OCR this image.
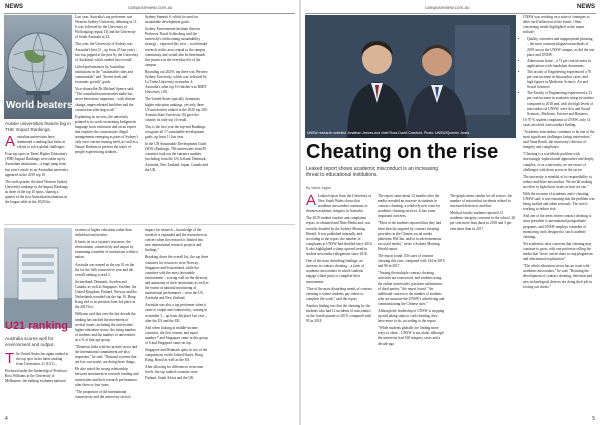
NEWS	campusreview.com.au
World beaters
Aussie universities feature big in THE Impact Rankings.

Australian universities have dominated a ranking that looks at efforts to solve global challenges.

Four top spots in Times Higher Education's (THE) Impact Rankings were taken up by Australian institutions – a huge jump from last year's result, as no Australian university appeared in the 2019 top 10.

The sixth quarter, the third Western Sydney University rankings in the Impact Rankings as three of the top 10 spots, sharing a quartet of the first Australian institutions in the league table in the 2020 list.

Last year, Australia's top performer was Western Sydney University, debuting at 11. It was followed by the University of Wollongong (equal 13) and the University of South Australia at 22.

This year, the University of Sydney was Australia's best (3 – up from 25 last year) – but was pipped at the post by the University of Auckland, which ranked first overall.

Lifted performances by Australian institutions in the "sustainable cities and communities" and "decent work and economic growth" goals.

Vice-chancellor Dr Michael Spence said: "The contribution universities make has never been more important – with climate change, unprecedented bushfires and the coronavirus affecting us all."

Explaining its success, the university pointed to its work on meeting Indigenous language from extinction and on an expert that explores the cornerstones illegal arrangements emerging as parts of Sydney's only once current trusting need, as well as a Nature Redeem to prevent the water of people experiencing aridness.

Sydney Summit 6, which focused on sustainable development goals.

Sydney Environment Institute director Professor David Schlosberg said the university's forthcoming sustainability strategy – expected this year – would make research in this area central to the campus community and would also be benchmark this practice in the everyday life of the campus.

Rounding out 2020's top three was Western Sydney University, which was followed by La Trobe University at number 4, Australia's other top 10 finisher was RMIT University (10).

The United States typically dominates higher education rankings, yet only three US universities ranked in the 2020 top 100: Arizona State University (6) gave the country its only top 10 result.

This is the first year the top-end Rankings recognise all 17 sustainable development goals, up from 11 last year.

In the UN Sustainable Development Goals (SDG) Rankings, 766 universities from 85 countries took out the entrance number (including from the US, Ireland, Denmark, Australia, New Zealand, Japan, Canada and the UK.

U21 ranking
Australia scores well for environment and output.

The United States has again ranked at the top spot in the latest ranking from Universitas 21 (U21) –

Produced under the leadership of Professor Ross Williams at the University of Melbourne, the ranking evaluates national

systems of higher education rather than individual universities.

It bases its on a system's resources, the environment, connectivity and output by examining a number of institutions within a nation.

Australia was named as the top 10 on the list for the fifth consecutive year and the overall ranking scored 2.

Switzerland, Denmark, Sweden and Canada, as well as Singapore, Sweden, the United Kingdom, Finland, Norway and the Netherlands rounded out the top 10. Hong Kong slid to its position from 3rd place in the 2019 list.

Williams said that over the last decade the ranking has tracked the movement of several issues, including the universities' higher education sector: the rising number of students and the number of universities as a % of that age group.

"Domestic links with the private sector and the international commitment are also important," he said. "National systems that are less successful, are doing these things.

He also noted the strong relationship between investment in research funding and universities and their research performance after three or four years.

"The proportion of the international connectivity and the university sector's

impact for research – knowledge of the research is expanded and the researchers in concert when the research is limited into new international research projects and findings."

Breaking down the overall list, the top three countries for resources were Norway, Singapore and Switzerland, while the countries with the most favourable environment – scoring well on the diversity and autonomy of their institutions as well as the extent of national monitoring of institutional performance – were the US, Australia and New Zealand.

Australia was also a top performer when it came to output and connectivity, coming in at number 3 – up from 4th place last year – after the US and the UK.

And when looking at middle-income countries, the first country and equal number 7 and Singapore came in this group of 6 and Singapore came on top.

Singapore and Denmark quite in two of the comparisons on the United States, Hong Kong, Brazil as well as the US.

After allowing for differences in income levels, the top ranked countries were Finland, South Africa and the UK.

4
campusreview.com.au	NEWS
UNSW research scientist Jonathan Jeeves and chief Ross David Cranford. Photo: UNSW/Quentin Jones
Cheating on the rise
Leaked report shows academic misconduct is an increasing threat to educational institutions.
By Wade Jagim

A Leaked report from the University of New South Wales shows that academic misconduct continues to threaten academic integrity in Australia.

The 2019 student conduct and complaints report, as obtained and Nine Media and, was recently detailed by the Sydney Morning Herald. It was published internally and, according to the report, the number of complaints at UNSW had doubled since 2016. It also highlighted a sharp upward trend in student misconduct allegations since 2016.

One of the most disturbing findings: an increase in contract cheating – a form of academic misconduct in which students engage a third party to complete their assessments.

"One of the most disturbing trends of contract cheating is where students pay others to complete the work," said the report.

Another finding was that the cheating by the students who had 12 incidents of misconduct on the fourth quarter of 2019, compared with 93 in 2018.

The report came about 12 months after the media revealed an increase in students in contract cheating, a relatively new term for academic cheating services. It has some important concerns.

"Most of the students reported that they had been directly targeted by contract cheating providers in the Chinese social media platforms WeChat, and/or in advertisements on social media," wrote a Sydney Morning Herald report.

The report found 150 cases of contract cheating this year, compared with 144 in 2018 and 96 in 2017.

"Among the multiple contract cheating activities are outsourced, and students using the online universities' purchase submissions of third parties," the report found. "An additional concern is the number of students who are unaware the UNSW's advertising and communicating the Chinese sites."

Although the leadership of UNSW is stepping up and taking steps to curb cheating, they have more to do, according to the report.

"While students globally are finding more ways to cheat – UNSW is not alone, although the university had 160 integrity cases and a decade ago.

The graph seems similar for all sectors: the number of misconduct incidents related to increased detection, and that.

Medical-faculty students reported 12 academic integrity concerns to the school, 20 per cent more than those in 2018 and 3 per cent more than in 2017.

UNSW was working on a suite of strategies to deter such behaviour in the future. Other concerning trends highlighted in the report include:

• Quality, outcomes and inappropriate phrasing – the most common plagiarism methods of 2019 across the UNSW campus, as did the one place and UNSW.
• Admissions fraud – a 73 per cent increase in applications with fraudulent documents.
• The faculty of Engineering experienced a 70 per cent increase in misconduct cases, and high figures in Medicine, Science, Art and Social Sciences.
• The Faculty of Engineering experienced a 33 per cent increase in academic integrity matters compared to 2018 and, with the high levels of misconduct in UNSW, were Arts and Social Sciences, Medicine, Science and Business.

Of 70 % student complaints at UNSW, only 14 cases involved a misconduct finding.

"Academic misconduct continues to be one of the most significant challenges facing universities," said Anna Booth, the university's director of integrity and compliance.

"Cheating is a worldwide problem with increasingly sophisticated approaches and deeply complex, so as a university we are aware of challenges with those actors in the sector.

The university is mindful of its responsibility to reduce and deter misconduct. We are all making an effort to fight those issues as best we can."

With the increase of academic and e-cheating, UNSW said, it was ensuring that the problem was being tackled and taken seriously. The tool is working to reduce risk.

And one of the areas where contract cheating is most prevalent is international postgraduate programs, and UNSW employs a number of monitoring tools designed to catch students' cheating.

Yet academics raise concerns that cheating may continue to grow, with one professor telling the media that "more can be done to stop plagiarism and educational exploitation".

"The whole education sector has an issue with academic misconduct," he said. "Boosting the development of contract cheating, detection and new technological devices are doing their job in rooting out cheats."

5
